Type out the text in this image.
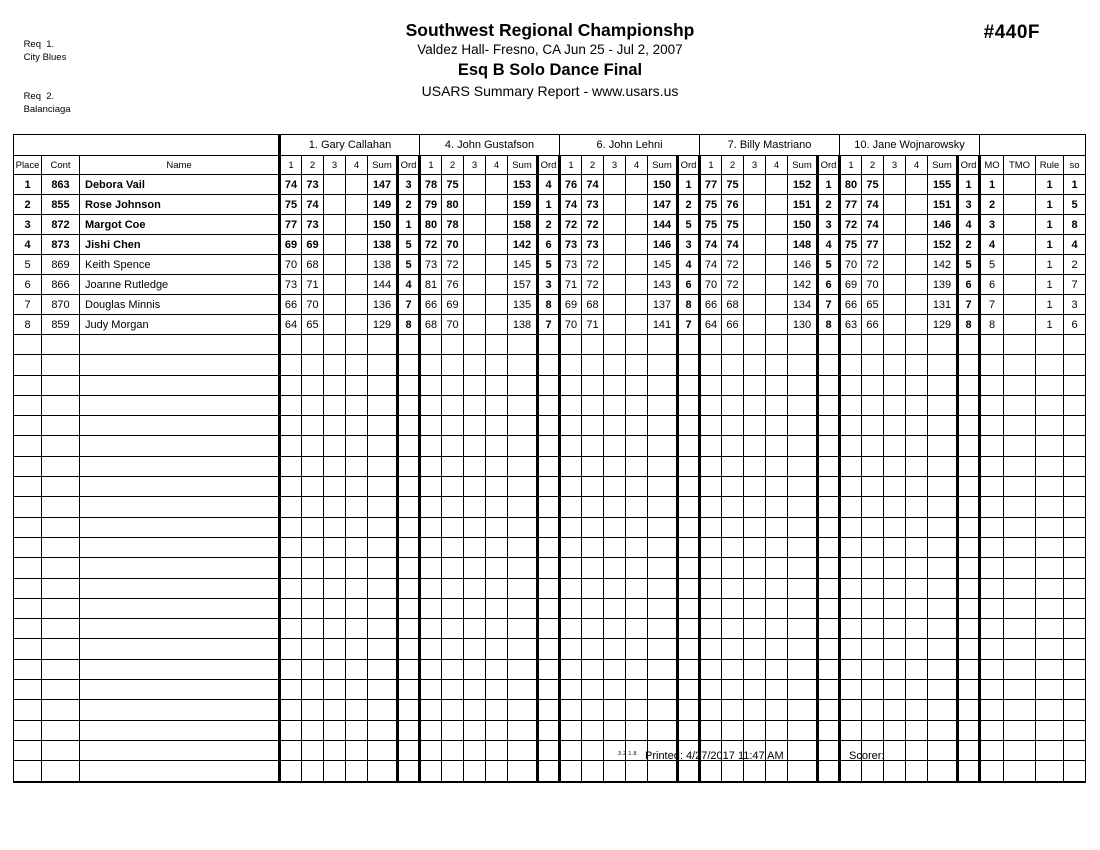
Req  1.
City Blues

Req  2.
Balanciaga

Southwest Regional Championshp
Valdez Hall- Fresno, CA Jun 25 - Jul 2, 2007
Esq B Solo Dance Final
USARS Summary Report - www.usars.us
#440F
			1. Gary Callahan						4. John Gustafson						6. John Lehni						7. Billy Mastriano						10. Jane Wojnarowsky									
Place	Cont	Name	1	2	3	4	Sum	Ord	1	2	3	4	Sum	Ord	1	2	3	4	Sum	Ord	1	2	3	4	Sum	Ord	1	2	3	4	Sum	Ord	MO	TMO	Rule	so
1	863	Debora Vail	74	73			147	3	78	75			153	4	76	74			150	1	77	75			152	1	80	75			155	1	1		1	1
2	855	Rose Johnson	75	74			149	2	79	80			159	1	74	73			147	2	75	76			151	2	77	74			151	3	2		1	5
3	872	Margot Coe	77	73			150	1	80	78			158	2	72	72			144	5	75	75			150	3	72	74			146	4	3		1	8
4	873	Jishi Chen	69	69			138	5	72	70			142	6	73	73			146	3	74	74			148	4	75	77			152	2	4		1	4
5	869	Keith Spence	70	68			138	5	73	72			145	5	73	72			145	4	74	72			146	5	70	72			142	5	5		1	2
6	866	Joanne Rutledge	73	71			144	4	81	76			157	3	71	72			143	6	70	72			142	6	69	70			139	6	6		1	7
7	870	Douglas Minnis	66	70			136	7	66	69			135	8	69	68			137	8	66	68			134	7	66	65			131	7	7		1	3
8	859	Judy Morgan	64	65			129	8	68	70			138	7	70	71			141	7	64	66			130	8	63	66			129	8	8		1	6

3.2.1.8 Printed: 4/27/2017 11:47 AM	Scorer:
